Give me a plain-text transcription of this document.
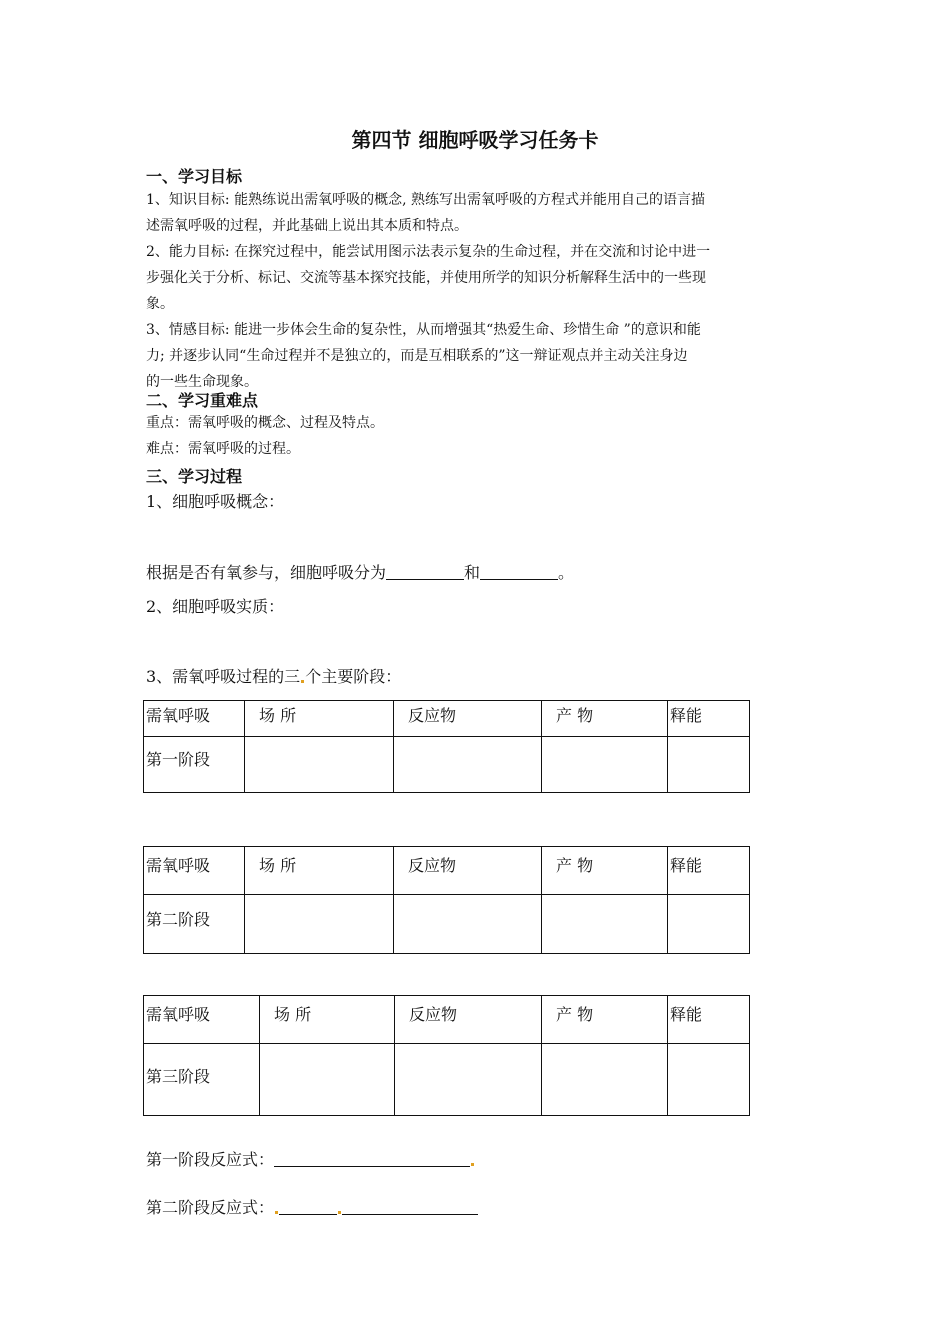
第四节 细胞呼吸学习任务卡
一、学习目标
1、知识目标: 能熟练说出需氧呼吸的概念, 熟练写出需氧呼吸的方程式并能用自己的语言描
述需氧呼吸的过程，并此基础上说出其本质和特点。
2、能力目标: 在探究过程中，能尝试用图示法表示复杂的生命过程，并在交流和讨论中进一
步强化关于分析、标记、交流等基本探究技能，并使用所学的知识分析解释生活中的一些现
象。
3、情感目标: 能进一步体会生命的复杂性，从而增强其“热爱生命、珍惜生命 ”的意识和能
力; 并逐步认同“生命过程并不是独立的，而是互相联系的”这一辩证观点并主动关注身边
的一些生命现象。
二、学习重难点
重点：需氧呼吸的概念、过程及特点。
难点：需氧呼吸的过程。
三、学习过程
1、细胞呼吸概念：
根据是否有氧参与，细胞呼吸分为	和	。
2、细胞呼吸实质：
3、需氧呼吸过程的三 个主要阶段：
需氧呼吸	场 所	反应物	产 物	释能
第一阶段				
需氧呼吸	场 所	反应物	产 物	释能
第二阶段				
需氧呼吸	场 所	反应物	产 物	释能
第三阶段				
第一阶段反应式：
第二阶段反应式：
